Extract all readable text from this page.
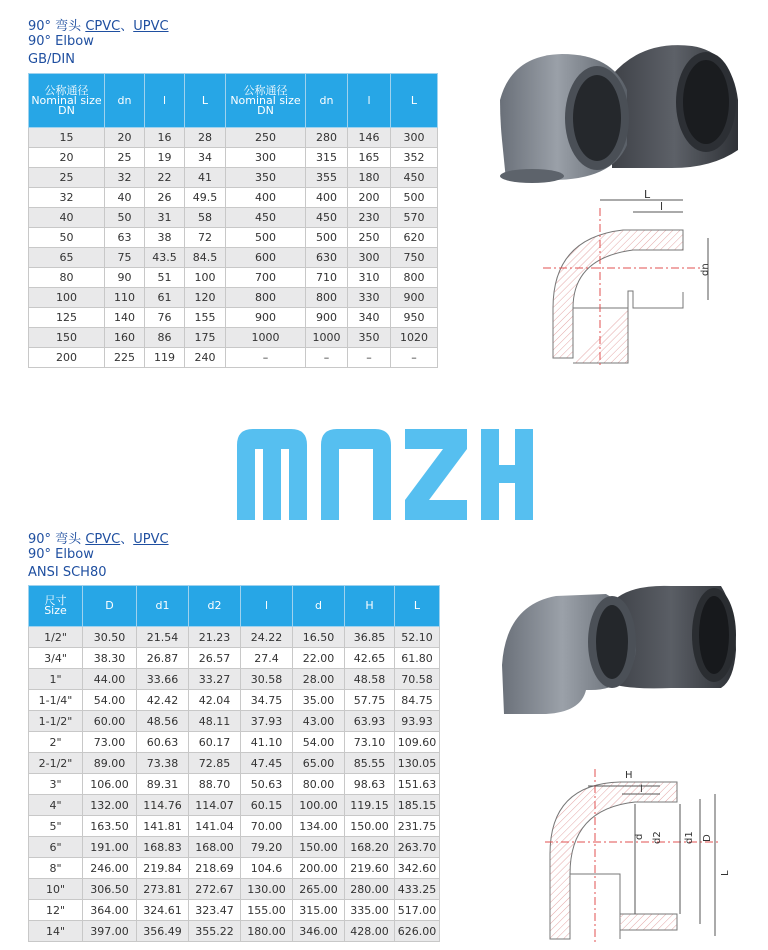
90° 弯头 CPVC、UPVC
90° Elbow
GB/DIN
公称通径
Nominal size
DN	dn	l	L	公称通径
Nominal size
DN	dn	l	L
15	20	16	28	250	280	146	300
20	25	19	34	300	315	165	352
25	32	22	41	350	355	180	450
32	40	26	49.5	400	400	200	500
40	50	31	58	450	450	230	570
50	63	38	72	500	500	250	620
65	75	43.5	84.5	600	630	300	750
80	90	51	100	700	710	310	800
100	110	61	120	800	800	330	900
125	140	76	155	900	900	340	950
150	160	86	175	1000	1000	350	1020
200	225	119	240	–	–	–	–
L
l
dn
90° 弯头 CPVC、UPVC
90° Elbow
ANSI SCH80
尺寸
Size	D	d1	d2	l	d	H	L
1/2"	30.50	21.54	21.23	24.22	16.50	36.85	52.10
3/4"	38.30	26.87	26.57	27.4	22.00	42.65	61.80
1"	44.00	33.66	33.27	30.58	28.00	48.58	70.58
1-1/4"	54.00	42.42	42.04	34.75	35.00	57.75	84.75
1-1/2"	60.00	48.56	48.11	37.93	43.00	63.93	93.93
2"	73.00	60.63	60.17	41.10	54.00	73.10	109.60
2-1/2"	89.00	73.38	72.85	47.45	65.00	85.55	130.05
3"	106.00	89.31	88.70	50.63	80.00	98.63	151.63
4"	132.00	114.76	114.07	60.15	100.00	119.15	185.15
5"	163.50	141.81	141.04	70.00	134.00	150.00	231.75
6"	191.00	168.83	168.00	79.20	150.00	168.20	263.70
8"	246.00	219.84	218.69	104.6	200.00	219.60	342.60
10"	306.50	273.81	272.67	130.00	265.00	280.00	433.25
12"	364.00	324.61	323.47	155.00	315.00	335.00	517.00
14"	397.00	356.49	355.22	180.00	346.00	428.00	626.00
H
l
d d2 d1 D
L
